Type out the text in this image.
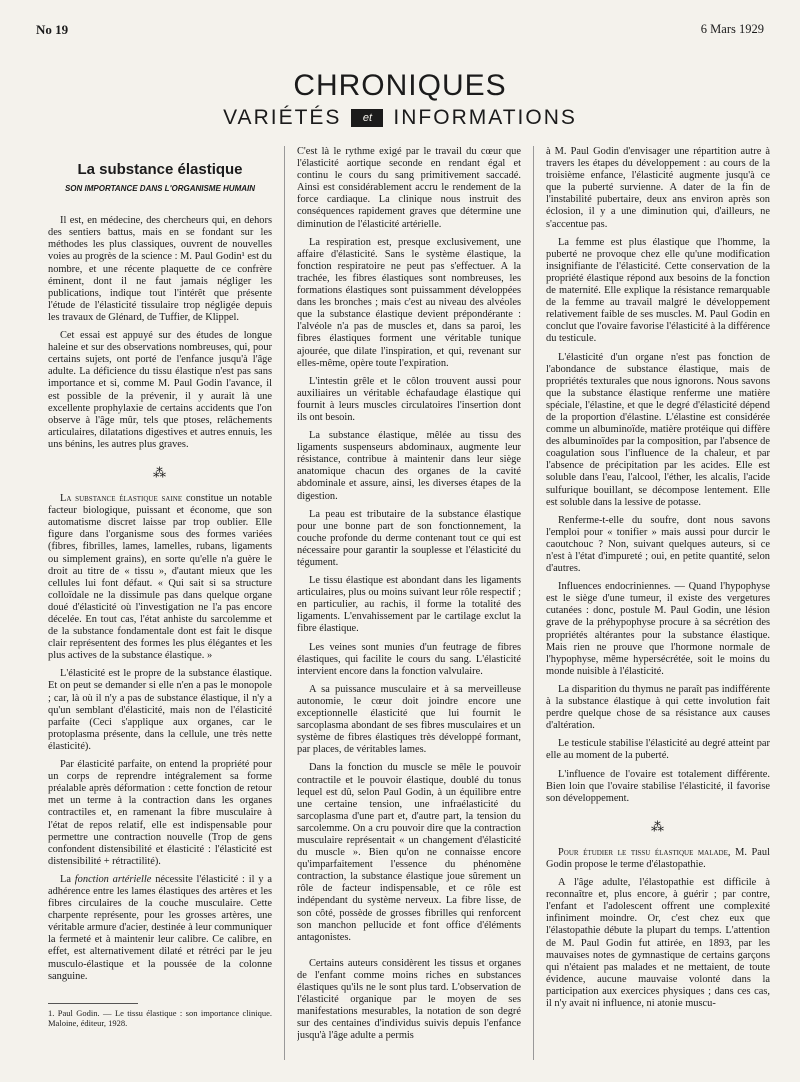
No 19	6 Mars 1929
CHRONIQUES
VARIÉTÉS	et	INFORMATIONS
La substance élastique
SON IMPORTANCE DANS L'ORGANISME HUMAIN

Il est, en médecine, des chercheurs qui, en dehors des sentiers battus, mais en se fondant sur les méthodes les plus classiques, ouvrent de nouvelles voies au progrès de la science : M. Paul Godin¹ est du nombre, et une récente plaquette de ce confrère éminent, dont il ne faut jamais négliger les publications, indique tout l'intérêt que présente l'étude de l'élasticité tissulaire trop négligée depuis les travaux de Glénard, de Tuffier, de Klippel.

Cet essai est appuyé sur des études de longue haleine et sur des observations nombreuses, qui, pour certains sujets, ont porté de l'enfance jusqu'à l'âge adulte. La déficience du tissu élastique n'est pas sans importance et si, comme M. Paul Godin l'avance, il est possible de la prévenir, il y aurait là une excellente prophylaxie de certains accidents que l'on observe à l'âge mûr, tels que ptoses, relâchements articulaires, dilatations digestives et autres ennuis, les uns bénins, les autres plus graves.

⁂

La substance élastique saine constitue un notable facteur biologique, puissant et économe, que son automatisme discret laisse par trop oublier. Elle figure dans l'organisme sous des formes variées (fibres, fibrilles, lames, lamelles, rubans, ligaments ou simplement grains), en sorte qu'elle n'a guère le droit au titre de « tissu », d'autant mieux que les cellules lui font défaut. « Qui sait si sa structure colloïdale ne la dissimule pas dans quelque organe doué d'élasticité où l'investigation ne l'a pas encore décelée. En tout cas, l'état anhiste du sarcolemme et de la substance fondamentale dont est fait le disque clair représentent des formes les plus élégantes et les plus actives de la substance élastique. »

L'élasticité est le propre de la substance élastique. Et on peut se demander si elle n'en a pas le monopole ; car, là où il n'y a pas de substance élastique, il n'y a qu'un semblant d'élasticité, mais non de l'élasticité parfaite (Ceci s'applique aux organes, car le protoplasma présente, dans la cellule, une très nette élasticité).

Par élasticité parfaite, on entend la propriété pour un corps de reprendre intégralement sa forme préalable après déformation : cette fonction de retour met un terme à la contraction dans les organes contractiles et, en ramenant la fibre musculaire à l'état de repos relatif, elle est indispensable pour permettre une contraction nouvelle (Trop de gens confondent distensibilité et élasticité : l'élasticité est distensibilité + rétractilité).

La fonction artérielle nécessite l'élasticité : il y a adhérence entre les lames élastiques des artères et les fibres circulaires de la couche musculaire. Cette charpente représente, pour les grosses artères, une véritable armure d'acier, destinée à leur communiquer la fermeté et à maintenir leur calibre. Ce calibre, en effet, est alternativement dilaté et rétréci par le jeu musculo-élastique et la poussée de la colonne sanguine.

1. Paul Godin. — Le tissu élastique : son importance clinique. Maloine, éditeur, 1928.

C'est là le rythme exigé par le travail du cœur que l'élasticité aortique seconde en rendant égal et continu le cours du sang primitivement saccadé. Ainsi est considérablement accru le rendement de la force cardiaque. La clinique nous instruit des conséquences rapidement graves que détermine une diminution de l'élasticité artérielle.

La respiration est, presque exclusivement, une affaire d'élasticité. Sans le système élastique, la fonction respiratoire ne peut pas s'effectuer. A la trachée, les fibres élastiques sont nombreuses, les formations élastiques sont puissamment développées dans les bronches ; mais c'est au niveau des alvéoles que la substance élastique devient prépondérante : l'alvéole n'a pas de muscles et, dans sa paroi, les fibres élastiques forment une véritable tunique ajourée, que dilate l'inspiration, et qui, revenant sur elles-même, opère toute l'expiration.

L'intestin grêle et le côlon trouvent aussi pour auxiliaires un véritable échafaudage élastique qui fournit à leurs muscles circulatoires l'insertion dont ils ont besoin.

La substance élastique, mêlée au tissu des ligaments suspenseurs abdominaux, augmente leur résistance, contribue à maintenir dans leur siège anatomique chacun des organes de la cavité abdominale et assure, ainsi, les diverses étapes de la digestion.

La peau est tributaire de la substance élastique pour une bonne part de son fonctionnement, la couche profonde du derme contenant tout ce qui est nécessaire pour garantir la souplesse et l'élasticité du tégument.

Le tissu élastique est abondant dans les ligaments articulaires, plus ou moins suivant leur rôle respectif ; en particulier, au rachis, il forme la totalité des ligaments. L'envahissement par le cartilage exclut la fibre élastique.

Les veines sont munies d'un feutrage de fibres élastiques, qui facilite le cours du sang. L'élasticité intervient encore dans la fonction valvulaire.

A sa puissance musculaire et à sa merveilleuse autonomie, le cœur doit joindre encore une exceptionnelle élasticité que lui fournit le sarcoplasma abondant de ses fibres musculaires et un système de fibres élastiques très développé formant, par places, de véritables lames.

Dans la fonction du muscle se mêle le pouvoir contractile et le pouvoir élastique, doublé du tonus lequel est dû, selon Paul Godin, à un équilibre entre une certaine tension, une infraélasticité du sarcoplasma d'une part et, d'autre part, la tension du sarcolemme. On a cru pouvoir dire que la contraction musculaire représentait « un changement d'élasticité du muscle ». Bien qu'on ne connaisse encore qu'imparfaitement l'essence du phénomène contraction, la substance élastique joue sûrement un rôle de facteur indispensable, et ce rôle est indépendant du système nerveux. La fibre lisse, de son côté, possède de grosses fibrilles qui renforcent son manchon pellucide et font office d'éléments antagonistes.

Certains auteurs considèrent les tissus et organes de l'enfant comme moins riches en substances élastiques qu'ils ne le sont plus tard. L'observation de l'élasticité organique par le moyen de ses manifestations mesurables, la notation de son degré sur des centaines d'individus suivis depuis l'enfance jusqu'à l'âge adulte a permis

à M. Paul Godin d'envisager une répartition autre à travers les étapes du développement : au cours de la troisième enfance, l'élasticité augmente jusqu'à ce que la puberté survienne. A dater de la fin de l'instabilité pubertaire, deux ans environ après son éclosion, il y a une diminution qui, d'ailleurs, ne s'accentue pas.

La femme est plus élastique que l'homme, la puberté ne provoque chez elle qu'une modification insignifiante de l'élasticité. Cette conservation de la propriété élastique répond aux besoins de la fonction de maternité. Elle explique la résistance remarquable de la femme au travail malgré le développement relativement faible de ses muscles. M. Paul Godin en conclut que l'ovaire favorise l'élasticité à la différence du testicule.

L'élasticité d'un organe n'est pas fonction de l'abondance de substance élastique, mais de propriétés texturales que nous ignorons. Nous savons que la substance élastique renferme une matière spéciale, l'élastine, et que le degré d'élasticité dépend de la proportion d'élastine. L'élastine est considérée comme un albuminoïde, matière protéique qui diffère des albuminoïdes par la composition, par l'absence de coagulation sous l'influence de la chaleur, et par l'absence de précipitation par les acides. Elle est soluble dans l'eau, l'alcool, l'éther, les alcalis, l'acide sulfurique bouillant, se décompose lentement. Elle est soluble dans la lessive de potasse.

Renferme-t-elle du soufre, dont nous savons l'emploi pour « tonifier » mais aussi pour durcir le caoutchouc ? Non, suivant quelques auteurs, si ce n'est à l'état d'impureté ; oui, en petite quantité, selon d'autres.

Influences endocriniennes. — Quand l'hypophyse est le siège d'une tumeur, il existe des vergetures cutanées : donc, postule M. Paul Godin, une lésion grave de la préhypophyse procure à sa sécrétion des propriétés altérantes pour la substance élastique. Mais rien ne prouve que l'hormone normale de l'hypophyse, même hypersécrétée, soit le moins du monde nuisible à l'élasticité.

La disparition du thymus ne paraît pas indifférente à la substance élastique à qui cette involution fait perdre quelque chose de sa résistance aux causes d'altération.

Le testicule stabilise l'élasticité au degré atteint par elle au moment de la puberté.

L'influence de l'ovaire est totalement différente. Bien loin que l'ovaire stabilise l'élasticité, il favorise son développement.

⁂

Pour étudier le tissu élastique malade, M. Paul Godin propose le terme d'élastopathie.

A l'âge adulte, l'élastopathie est difficile à reconnaître et, plus encore, à guérir ; par contre, l'enfant et l'adolescent offrent une complexité infiniment moindre. Or, c'est chez eux que l'élastopathie débute la plupart du temps. L'attention de M. Paul Godin fut attirée, en 1893, par les mauvaises notes de gymnastique de certains garçons qui n'étaient pas malades et ne mettaient, de toute évidence, aucune mauvaise volonté dans la participation aux exercices physiques ; dans ces cas, il n'y avait ni influence, ni atonie muscu-
